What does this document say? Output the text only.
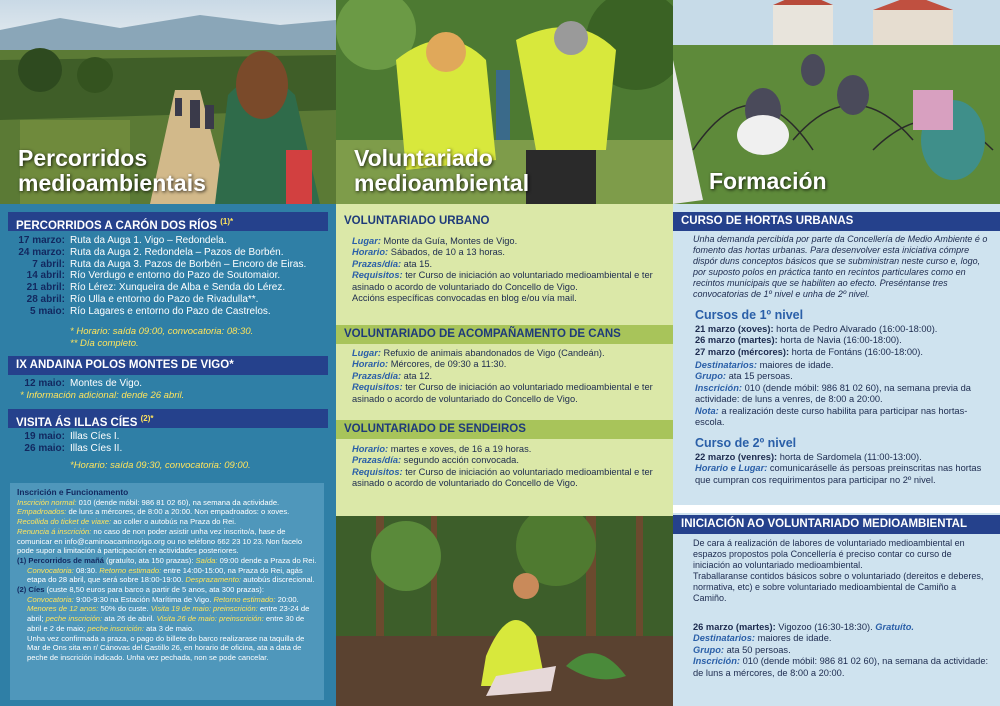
Percorridos
medioambientais
PERCORRIDOS A CARÓN DOS RÍOS $^{(1)*}$
17 marzo: Ruta da Auga 1. Vigo – Redondela.
24 marzo: Ruta da Auga 2. Redondela – Pazos de Borbén.
7 abril: Ruta da Auga 3. Pazos de Borbén – Encoro de Eiras.
14 abril: Río Verdugo e entorno do Pazo de Soutomaior.
21 abril: Río Lérez: Xunqueira de Alba e Senda do Lérez.
28 abril: Río Ulla e entorno do Pazo de Rivadulla**.
5 maio: Río Lagares e entorno do Pazo de Castrelos.
* Horario: saída 09:00, convocatoria: 08:30.
** Día completo.
IX ANDAINA POLOS MONTES DE VIGO*
12 maio: Montes de Vigo.
* Información adicional: dende 26 abril.
VISITA ÁS ILLAS CÍES $^{(2)*}$
19 maio: Illas Cíes I.
26 maio: Illas Cíes II.
*Horario: saída 09:30, convocatoria: 09:00.
Inscrición e Funcionamento
Inscrición normal: 010 (dende móbil: 986 81 02 60), na semana da actividade.
Empadroados: de luns a mércores, de 8:00 a 20:00. Non empadroados: o xoves.
Recollida do ticket de viaxe: ao coller o autobús na Praza do Rei.
Renuncia á inscrición: no caso de non poder asistir unha vez inscrito/a, hase de comunicar en info@caminoacaminovigo.org ou no teléfono 662 23 10 23. Non facelo pode supor a limitación á participación en actividades posteriores.
(1) Percorridos de mañá (gratuíto, ata 150 prazas): Saída: 09:00 dende a Praza do Rei.
Convocatoria: 08:30. Retorno estimado: entre 14:00-15:00, na Praza do Rei, agás
etapa do 28 abril, que será sobre 18:00-19:00. Desprazamento: autobús discrecional.
(2) Cíes (custe 8,50 euros para barco a partir de 5 anos, ata 300 prazas):
Convocatoria: 9:00-9:30 na Estación Marítima de Vigo. Retorno estimado: 20:00.
Menores de 12 anos: 50% do custe. Visita 19 de maio: preinscrición: entre 23-24 de
abril; peche inscrición: ata 26 de abril. Visita 26 de maio: preinscrición: entre 30 de
abril e 2 de maio; peche inscrición: ata 3 de maio.
Unha vez confirmada a praza, o pago do billete do barco realizarase na taquilla de Mar de Ons sita en r/ Cánovas del Castillo 26, en horario de oficina, ata a data de peche de inscrición indicado. Unha vez pechada, non se pode cancelar.
Voluntariado
medioambiental
VOLUNTARIADO URBANO
Lugar: Monte da Guía, Montes de Vigo.
Horario: Sábados, de 10 a 13 horas.
Prazas/día: ata 15.
Requisitos: ter Curso de iniciación ao voluntariado medioambiental e ter asinado o acordo de voluntariado do Concello de Vigo.
Accións específicas convocadas en blog e/ou vía mail.
VOLUNTARIADO DE ACOMPAÑAMENTO DE CANS
Lugar: Refuxio de animais abandonados de Vigo (Candeán).
Horario: Mércores, de 09:30 a 11:30.
Prazas/día: ata 12.
Requisitos: ter Curso de iniciación ao voluntariado medioambiental e ter asinado o acordo de voluntariado do Concello de Vigo.
VOLUNTARIADO DE SENDEIROS
Horario: martes e xoves, de 16 a 19 horas.
Prazas/día: segundo acción convocada.
Requisitos: ter Curso de iniciación ao voluntariado medioambiental e ter asinado o acordo de voluntariado do Concello de Vigo.
Formación
CURSO DE HORTAS URBANAS
Unha demanda percibida por parte da Concellería de Medio Ambiente é o fomento das hortas urbanas. Para desenvolver esta iniciativa cómpre dispór duns conceptos básicos que se subministran neste curso e, logo, por suposto polos en práctica tanto en recintos particulares como en recintos municipais que se habiliten ao efecto. Preséntanse tres convocatorias de 1º nivel e unha de 2º nivel.
Cursos de 1º nivel
21 marzo (xoves): horta de Pedro Alvarado (16:00-18:00).
26 marzo (martes): horta de Navia (16:00-18:00).
27 marzo (mércores): horta de Fontáns (16:00-18:00).
Destinatarios: maiores de idade.
Grupo: ata 15 persoas.
Inscrición: 010 (dende móbil: 986 81 02 60), na semana previa da actividade: de luns a venres, de 8:00 a 20:00.
Nota: a realización deste curso habilita para participar nas hortas-escola.
Curso de 2º nivel
22 marzo (venres): horta de Sardomela (11:00-13:00).
Horario e Lugar: comunicaráselle ás persoas preinscritas nas hortas que cumpran cos requirimentos para participar no 2º nivel.
INICIACIÓN AO VOLUNTARIADO MEDIOAMBIENTAL
De cara á realización de labores de voluntariado medioambiental en espazos propostos pola Concellería é preciso contar co curso de iniciación ao voluntariado medioambiental.
Traballaranse contidos básicos sobre o voluntariado (dereitos e deberes, normativa, etc) e sobre voluntariado medioambiental de Camiño a Camiño.
26 marzo (martes): Vigozoo (16:30-18:30). Gratuíto.
Destinatarios: maiores de idade.
Grupo: ata 50 persoas.
Inscrición: 010 (dende móbil: 986 81 02 60), na semana da actividade: de luns a mércores, de 8:00 a 20:00.
